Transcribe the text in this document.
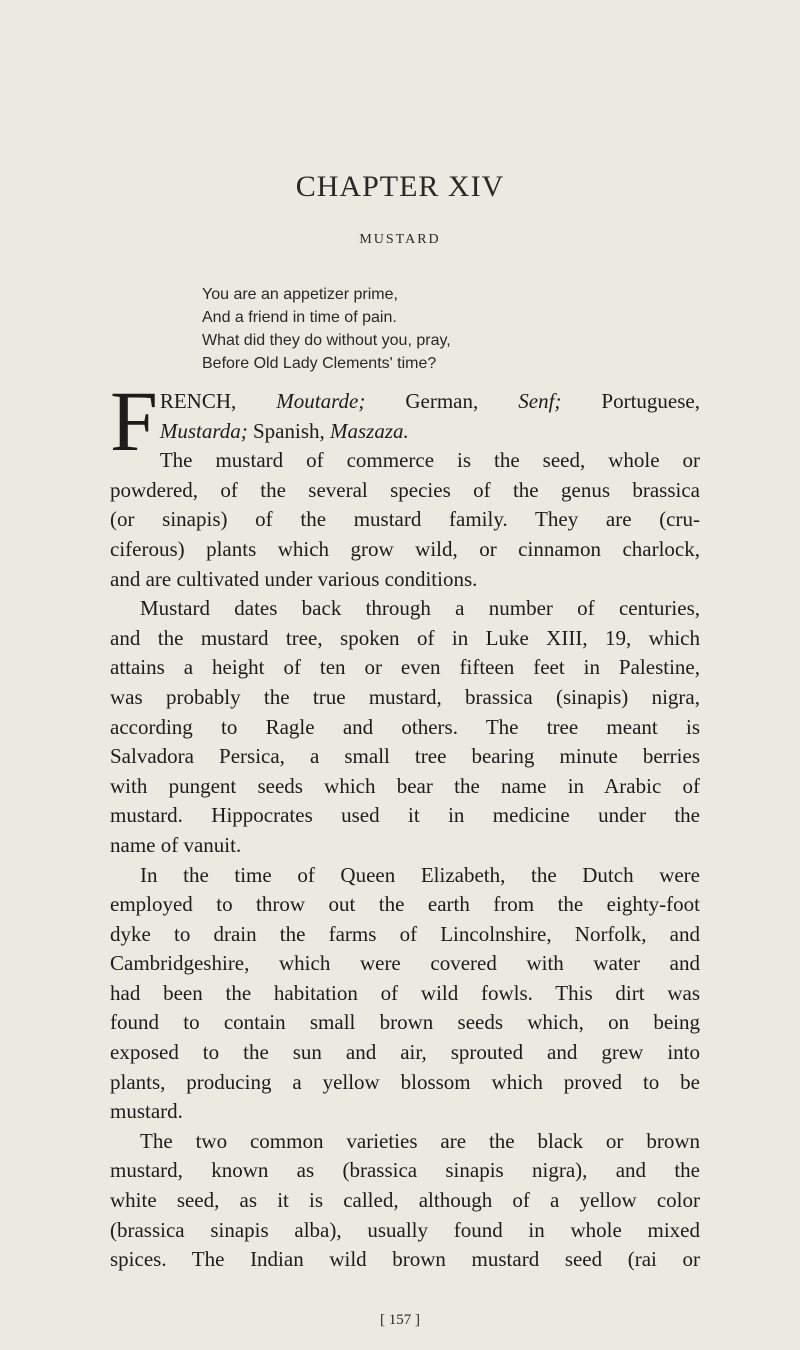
CHAPTER XIV
MUSTARD
You are an appetizer prime,
And a friend in time of pain.
What did they do without you, pray,
Before Old Lady Clements' time?
F RENCH, Moutarde; German, Senf; Portuguese,
Mustarda; Spanish, Maszaza.
The mustard of commerce is the seed, whole or
powdered, of the several species of the genus brassica
(or sinapis) of the mustard family. They are (cru-
ciferous) plants which grow wild, or cinnamon charlock,
and are cultivated under various conditions.
Mustard dates back through a number of centuries,
and the mustard tree, spoken of in Luke XIII, 19, which
attains a height of ten or even fifteen feet in Palestine,
was probably the true mustard, brassica (sinapis) nigra,
according to Ragle and others. The tree meant is
Salvadora Persica, a small tree bearing minute berries
with pungent seeds which bear the name in Arabic of
mustard. Hippocrates used it in medicine under the
name of vanuit.
In the time of Queen Elizabeth, the Dutch were
employed to throw out the earth from the eighty-foot
dyke to drain the farms of Lincolnshire, Norfolk, and
Cambridgeshire, which were covered with water and
had been the habitation of wild fowls. This dirt was
found to contain small brown seeds which, on being
exposed to the sun and air, sprouted and grew into
plants, producing a yellow blossom which proved to be
mustard.
The two common varieties are the black or brown
mustard, known as (brassica sinapis nigra), and the
white seed, as it is called, although of a yellow color
(brassica sinapis alba), usually found in whole mixed
spices. The Indian wild brown mustard seed (rai or
[ 157 ]
